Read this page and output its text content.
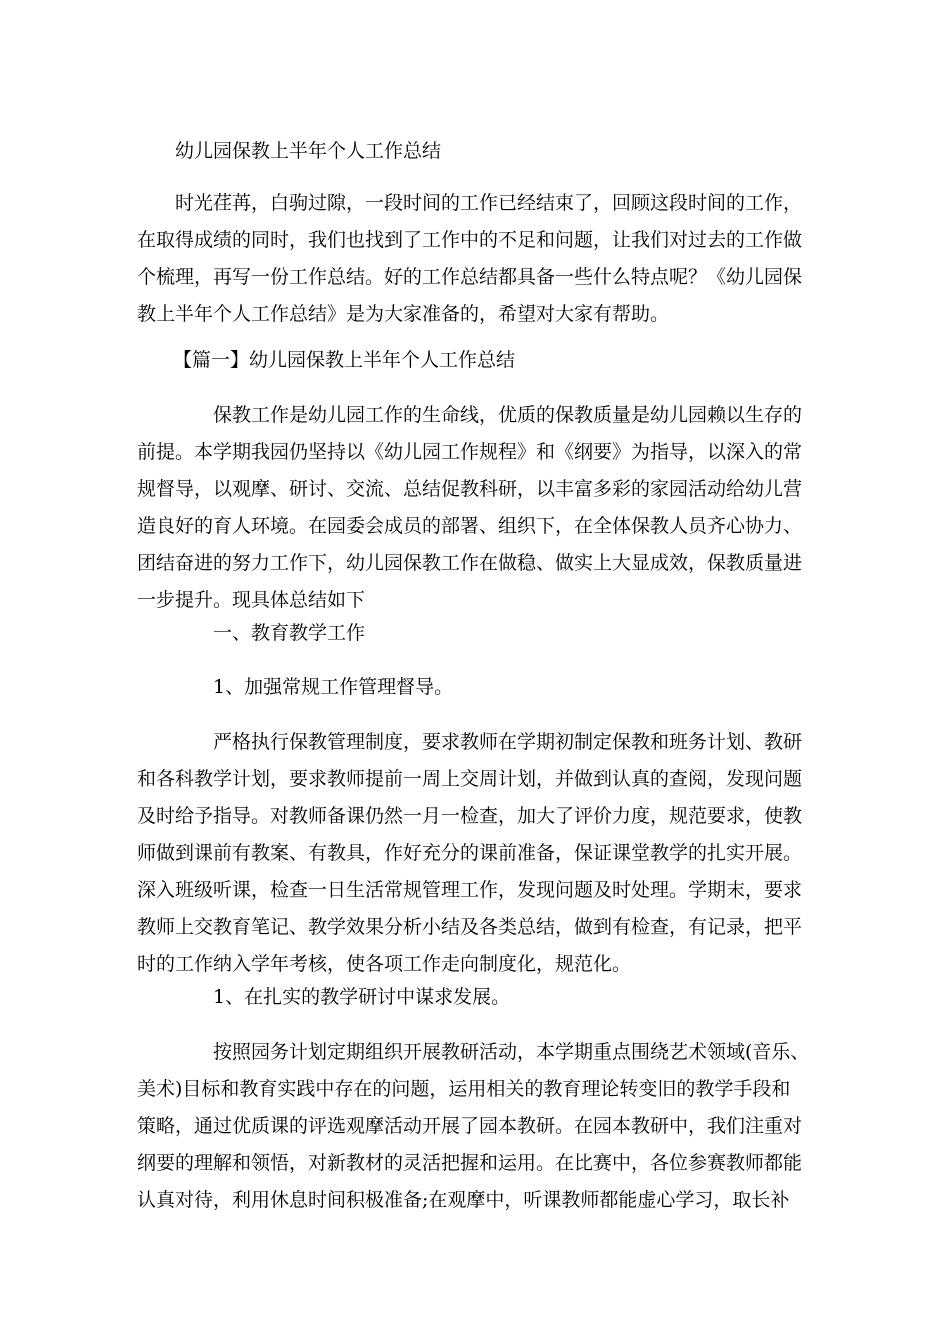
幼儿园保教上半年个人工作总结
时光荏苒，白驹过隙，一段时间的工作已经结束了，回顾这段时间的工作，
在取得成绩的同时，我们也找到了工作中的不足和问题，让我们对过去的工作做
个梳理，再写一份工作总结。好的工作总结都具备一些什么特点呢？《幼儿园保
教上半年个人工作总结》是为大家准备的，希望对大家有帮助。
【篇一】幼儿园保教上半年个人工作总结
保教工作是幼儿园工作的生命线，优质的保教质量是幼儿园赖以生存的
前提。本学期我园仍坚持以《幼儿园工作规程》和《纲要》为指导，以深入的常
规督导，以观摩、研讨、交流、总结促教科研，以丰富多彩的家园活动给幼儿营
造良好的育人环境。在园委会成员的部署、组织下，在全体保教人员齐心协力、
团结奋进的努力工作下，幼儿园保教工作在做稳、做实上大显成效，保教质量进
一步提升。现具体总结如下
一、教育教学工作
1、加强常规工作管理督导。
严格执行保教管理制度，要求教师在学期初制定保教和班务计划、教研
和各科教学计划，要求教师提前一周上交周计划，并做到认真的查阅，发现问题
及时给予指导。对教师备课仍然一月一检查，加大了评价力度，规范要求，使教
师做到课前有教案、有教具，作好充分的课前准备，保证课堂教学的扎实开展。
深入班级听课，检查一日生活常规管理工作，发现问题及时处理。学期末，要求
教师上交教育笔记、教学效果分析小结及各类总结，做到有检查，有记录，把平
时的工作纳入学年考核，使各项工作走向制度化，规范化。
1、在扎实的教学研讨中谋求发展。
按照园务计划定期组织开展教研活动，本学期重点围绕艺术领域(音乐、
美术)目标和教育实践中存在的问题，运用相关的教育理论转变旧的教学手段和
策略，通过优质课的评选观摩活动开展了园本教研。在园本教研中，我们注重对
纲要的理解和领悟，对新教材的灵活把握和运用。在比赛中，各位参赛教师都能
认真对待，利用休息时间积极准备;在观摩中，听课教师都能虚心学习，取长补
